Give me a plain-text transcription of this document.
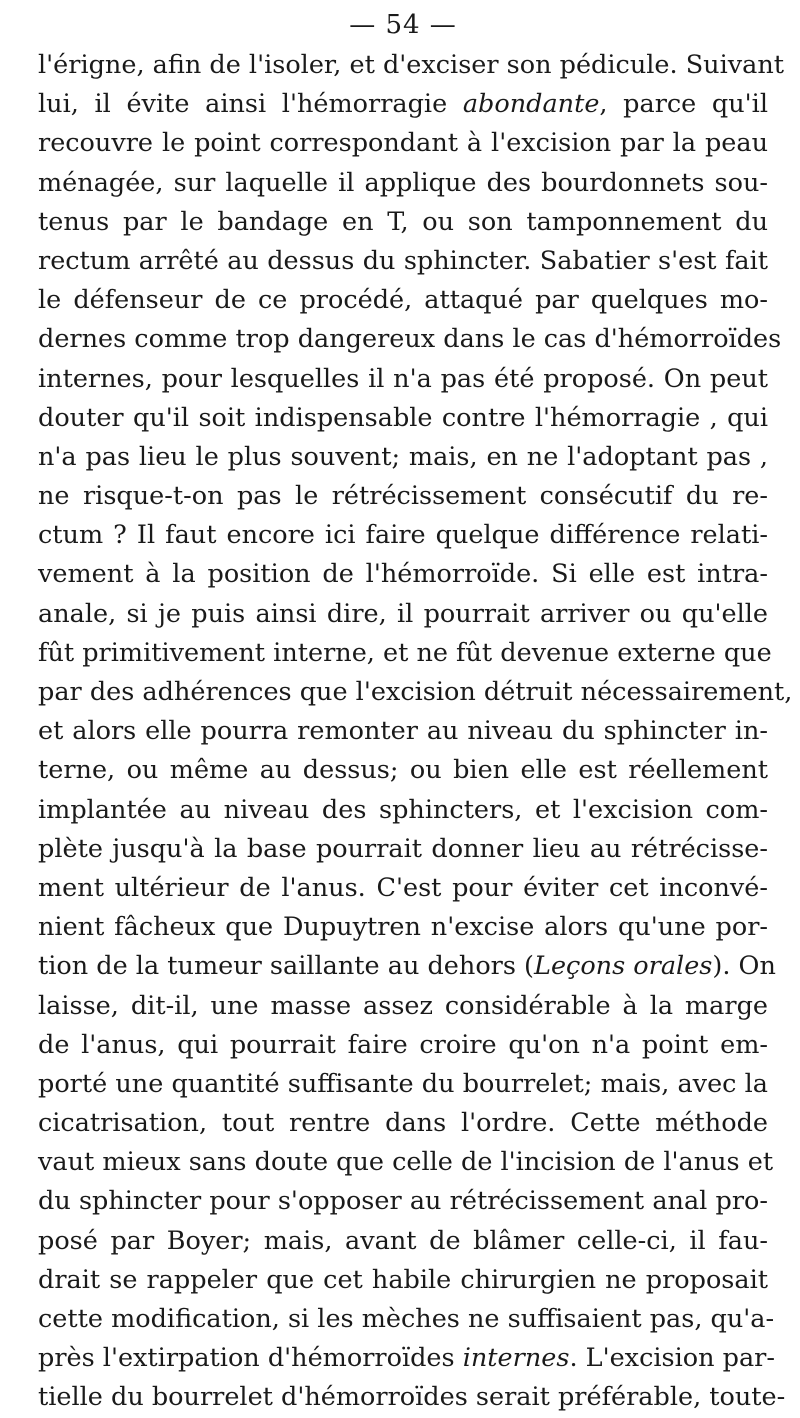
— 54 —
l'érigne, afin de l'isoler, et d'exciser son pédicule. Suivant
lui, il évite ainsi l'hémorragie abondante, parce qu'il
recouvre le point correspondant à l'excision par la peau
ménagée, sur laquelle il applique des bourdonnets sou-
tenus par le bandage en T, ou son tamponnement du
rectum arrêté au dessus du sphincter. Sabatier s'est fait
le défenseur de ce procédé, attaqué par quelques mo-
dernes comme trop dangereux dans le cas d'hémorroïdes
internes, pour lesquelles il n'a pas été proposé. On peut
douter qu'il soit indispensable contre l'hémorragie , qui
n'a pas lieu le plus souvent; mais, en ne l'adoptant pas ,
ne risque-t-on pas le rétrécissement consécutif du re-
ctum ? Il faut encore ici faire quelque différence relati-
vement à la position de l'hémorroïde. Si elle est intra-
anale, si je puis ainsi dire, il pourrait arriver ou qu'elle
fût primitivement interne, et ne fût devenue externe que
par des adhérences que l'excision détruit nécessairement,
et alors elle pourra remonter au niveau du sphincter in-
terne, ou même au dessus; ou bien elle est réellement
implantée au niveau des sphincters, et l'excision com-
plète jusqu'à la base pourrait donner lieu au rétrécisse-
ment ultérieur de l'anus. C'est pour éviter cet inconvé-
nient fâcheux que Dupuytren n'excise alors qu'une por-
tion de la tumeur saillante au dehors (Leçons orales). On
laisse, dit-il, une masse assez considérable à la marge
de l'anus, qui pourrait faire croire qu'on n'a point em-
porté une quantité suffisante du bourrelet; mais, avec la
cicatrisation, tout rentre dans l'ordre. Cette méthode
vaut mieux sans doute que celle de l'incision de l'anus et
du sphincter pour s'opposer au rétrécissement anal pro-
posé par Boyer; mais, avant de blâmer celle-ci, il fau-
drait se rappeler que cet habile chirurgien ne proposait
cette modification, si les mèches ne suffisaient pas, qu'a-
près l'extirpation d'hémorroïdes internes. L'excision par-
tielle du bourrelet d'hémorroïdes serait préférable, toute-
